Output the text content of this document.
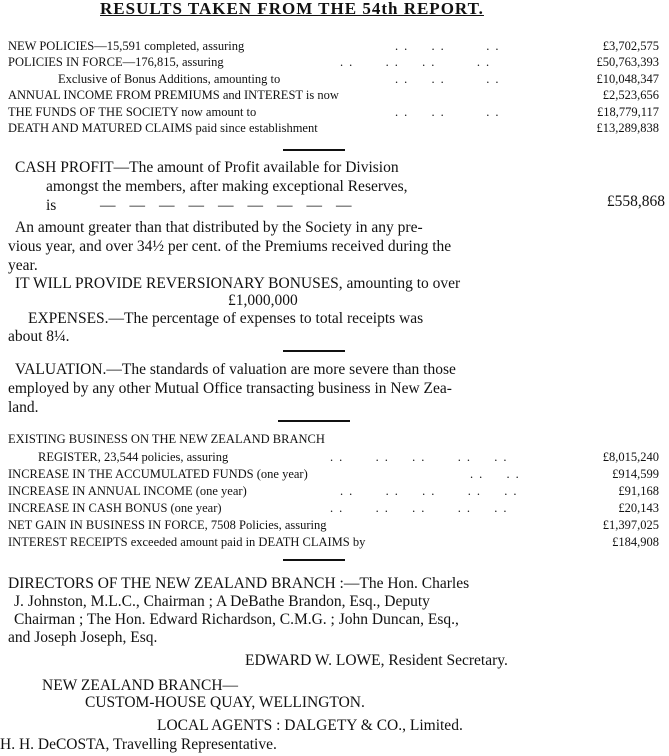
RESULTS TAKEN FROM THE 54th REPORT.
NEW POLICIES—15,591 completed, assuring	..  ..    ..	£3,702,575
POLICIES IN FORCE—176,815, assuring	..   ..  ..    ..	£50,763,393
Exclusive of Bonus Additions, amounting to	..  ..    ..	£10,048,347
ANNUAL INCOME FROM PREMIUMS and INTEREST is now	£2,523,656
THE FUNDS OF THE SOCIETY now amount to	..  ..    ..	£18,779,117
DEATH AND MATURED CLAIMS paid since establishment	£13,289,838
CASH PROFIT—The amount of Profit available for Division
amongst the members, after making exceptional Reserves,
is	—————————	£558,868
An amount greater than that distributed by the Society in any pre-
vious year, and over 34½ per cent. of the Premiums received during the
year.
IT WILL PROVIDE REVERSIONARY BONUSES, amounting to over
£1,000,000
EXPENSES.—The percentage of expenses to total receipts was
about 8¼.
VALUATION.—The standards of valuation are more severe than those
employed by any other Mutual Office transacting business in New Zea-
land.
EXISTING BUSINESS ON THE NEW ZEALAND BRANCH
REGISTER, 23,544 policies, assuring	..   ..  ..   ..  ..	£8,015,240
INCREASE IN THE ACCUMULATED FUNDS (one year)	..  ..	£914,599
INCREASE IN ANNUAL INCOME (one year)	..   ..  ..   ..  ..	£91,168
INCREASE IN CASH BONUS (one year)	..   ..  ..   ..  ..	£20,143
NET GAIN IN BUSINESS IN FORCE, 7508 Policies, assuring	£1,397,025
INTEREST RECEIPTS exceeded amount paid in DEATH CLAIMS by	£184,908
DIRECTORS OF THE NEW ZEALAND BRANCH :—The Hon. Charles
J. Johnston, M.L.C., Chairman ; A DeBathe Brandon, Esq., Deputy
Chairman ; The Hon. Edward Richardson, C.M.G. ; John Duncan, Esq.,
and Joseph Joseph, Esq.
EDWARD W. LOWE, Resident Secretary.
NEW ZEALAND BRANCH—
CUSTOM-HOUSE QUAY, WELLINGTON.
LOCAL AGENTS : DALGETY & CO., Limited.
H. H. DeCOSTA, Travelling Representative.
